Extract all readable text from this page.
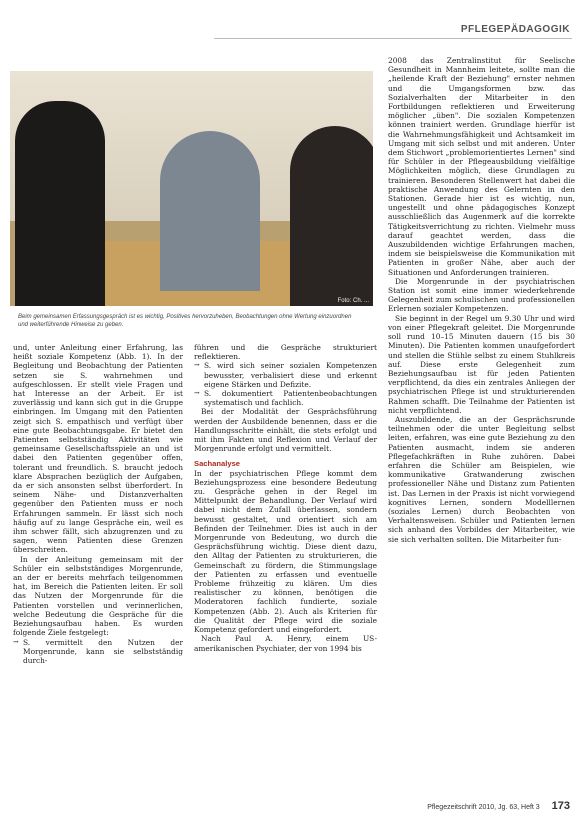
PFLEGEPÄDAGOGIK
Foto: Ch. ...
Beim gemeinsamen Erfassungsgespräch ist es wichtig, Positives hervorzuheben, Beobachtungen ohne Wertung einzuordnen und weiterführende Hinweise zu geben.

und, unter Anleitung einer Erfahrung, las heißt soziale Kompetenz (Abb. 1). In der Begleitung und Beobachtung der Patienten setzen sie S. wahrnehmen und aufgeschlossen. Er stellt viele Fragen und hat Interesse an der Arbeit. Er ist zuverlässig und kann sich gut in die Gruppe einbringen. Im Umgang mit den Patienten zeigt sich S. empathisch und verfügt über eine gute Beobachtungsgabe. Er bietet den Patienten selbstständig Aktivitäten wie gemeinsame Gesellschaftsspiele an und ist dabei den Patienten gegenüber offen, tolerant und freundlich. S. braucht jedoch klare Absprachen bezüglich der Aufgaben, da er sich ansonsten selbst überfordert. In seinem Nähe- und Distanzverhalten gegenüber den Patienten muss er noch Erfahrungen sammeln. Er lässt sich noch häufig auf zu lange Gespräche ein, weil es ihm schwer fällt, sich abzugrenzen und zu sagen, wenn Patienten diese Grenzen überschreiten.

In der Anleitung gemeinsam mit der Schüler ein selbstständiges Morgenrunde, an der er bereits mehrfach teilgenommen hat, im Bereich die Patienten leiten. Er soll das Nutzen der Morgenrunde für die Patienten vorstellen und verinnerlichen, welche Bedeutung die Gespräche für die Beziehungsaufbau haben. Es wurden folgende Ziele festgelegt:

→ S. vermittelt den Nutzen der Morgenrunde, kann sie selbstständig durch-

führen und die Gespräche strukturiert reflektieren.

→ S. wird sich seiner sozialen Kompetenzen bewusster, verbalisiert diese und erkennt eigene Stärken und Defizite.
→ S. dokumentiert Patientenbeobachtungen systematisch und fachlich.

Bei der Modalität der Gesprächsführung werden der Ausbildende benennen, dass er die Handlungsschritte einhält, die stets erfolgt und mit ihm Fakten und Reflexion und Verlauf der Morgenrunde erfolgt und vermittelt.

Sachanalyse

In der psychiatrischen Pflege kommt dem Beziehungsprozess eine besondere Bedeutung zu. Gespräche gehen in der Regel im Mittelpunkt der Behandlung. Der Verlauf wird dabei nicht dem Zufall überlassen, sondern bewusst gestaltet, und orientiert sich am Befinden der Teilnehmer. Dies ist auch in der Morgenrunde von Bedeutung, wo durch die Gesprächsführung wichtig. Diese dient dazu, den Alltag der Patienten zu strukturieren, die Gemeinschaft zu fördern, die Stimmungslage der Patienten zu erfassen und eventuelle Probleme frühzeitig zu klären. Um dies realistischer zu können, benötigen die Moderatoren fachlich fundierte, soziale Kompetenzen (Abb. 2). Auch als Kriterien für die Qualität der Pflege wird die soziale Kompetenz gefordert und eingefordert.

Nach Paul A. Henry, einem US-amerikanischen Psychiater, der von 1994 bis

2008 das Zentralinstitut für Seelische Gesundheit in Mannheim leitete, sollte man die „heilende Kraft der Beziehung" ernster nehmen und die Umgangsformen bzw. das Sozialverhalten der Mitarbeiter in den Fortbildungen reflektieren und Erweiterung möglicher „üben". Die sozialen Kompetenzen können trainiert werden. Grundlage hierfür ist die Wahrnehmungsfähigkeit und Achtsamkeit im Umgang mit sich selbst und mit anderen. Unter dem Stichwort „problemorientiertes Lernen" sind für Schüler in der Pflegeausbildung vielfältige Möglichkeiten möglich, diese Grundlagen zu trainieren. Besonderen Stellenwert hat dabei die praktische Anwendung des Gelernten in den Stationen. Gerade hier ist es wichtig, nun, ungestellt und ohne pädagogisches Konzept ausschließlich das Augenmerk auf die korrekte Tätigkeitsverrichtung zu richten. Vielmehr muss darauf geachtet werden, dass die Auszubildenden wichtige Erfahrungen machen, indem sie beispielsweise die Kommunikation mit Patienten in großer Nähe, aber auch der Situationen und Anforderungen trainieren.

Die Morgenrunde in der psychiatrischen Station ist somit eine immer wiederkehrende Gelegenheit zum schulischen und professionellen Erlernen sozialer Kompetenzen.

Sie beginnt in der Regel um 9.30 Uhr und wird von einer Pflegekraft geleitet. Die Morgenrunde soll rund 10–15 Minuten dauern (15 bis 30 Minuten). Die Patienten kommen unaufgefordert und stellen die Stühle selbst zu einem Stuhlkreis auf. Diese erste Gelegenheit zum Beziehungsaufbau ist für jeden Patienten verpflichtend, da dies ein zentrales Anliegen der psychiatrischen Pflege ist und strukturierenden Rahmen schafft. Die Teilnahme der Patienten ist nicht verpflichtend.

Auszubildende, die an der Gesprächsrunde teilnehmen oder die unter Begleitung selbst leiten, erfahren, was eine gute Beziehung zu den Patienten ausmacht, indem sie anderen Pflegefachkräften in Ruhe zuhören. Dabei erfahren die Schüler am Beispielen, wie kommunikative Gratwanderung zwischen professioneller Nähe und Distanz zum Patienten ist. Das Lernen in der Praxis ist nicht vorwiegend kognitives Lernen, sondern Modelllernen (soziales Lernen) durch Beobachten von Verhaltensweisen. Schüler und Patienten lernen sich anhand des Vorbildes der Mitarbeiter, wie sie sich verhalten sollten. Die Mitarbeiter fun-

Pflegezeitschrift 2010, Jg. 63, Heft 3 173
